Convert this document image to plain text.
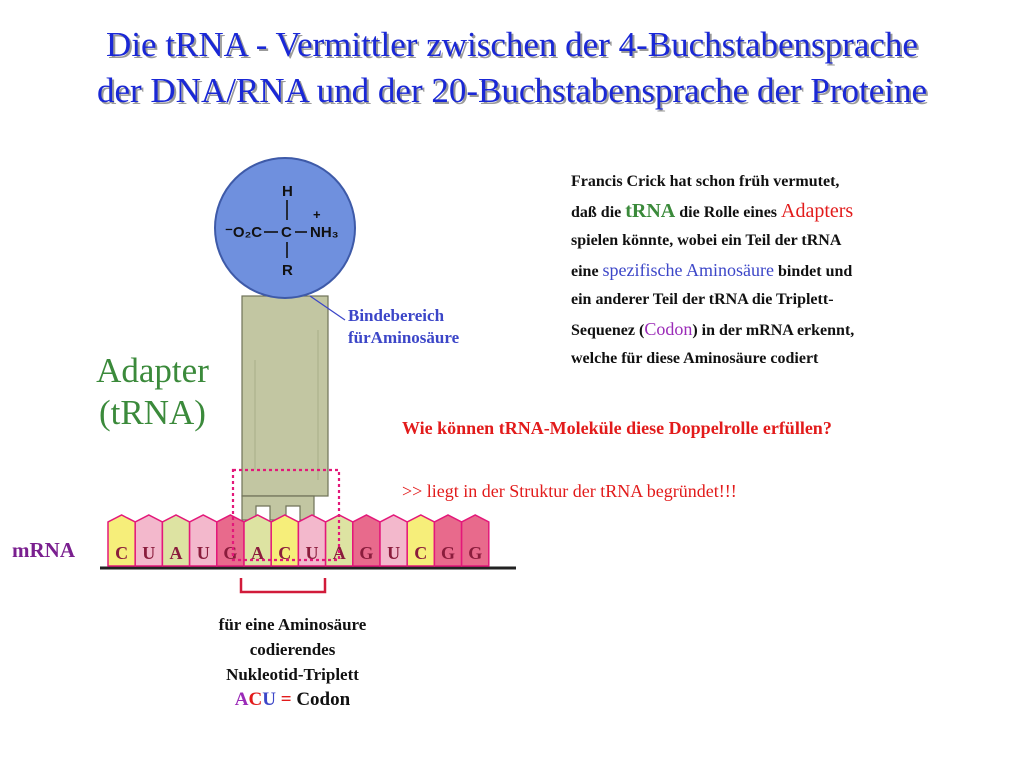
Die tRNA - Vermittler zwischen der 4-Buchstabensprache
der DNA/RNA und der 20-Buchstabensprache der Proteine
H
⁻O₂C C NH₃
+
R
C U A U G A C U A G U C G G
Bindebereich
fürAminosäure
Adapter
(tRNA)
mRNA
Francis Crick hat schon früh vermutet,
daß die tRNA die Rolle eines Adapters
spielen könnte, wobei ein Teil der tRNA
eine spezifische Aminosäure bindet und
ein anderer Teil der tRNA die Triplett-
Sequenez (Codon) in der mRNA erkennt,
welche für diese Aminosäure codiert
Wie können tRNA-Moleküle diese Doppelrolle erfüllen?
>> liegt in der Struktur der tRNA begründet!!!
für eine Aminosäure
codierendes
Nukleotid-Triplett
ACU = Codon
